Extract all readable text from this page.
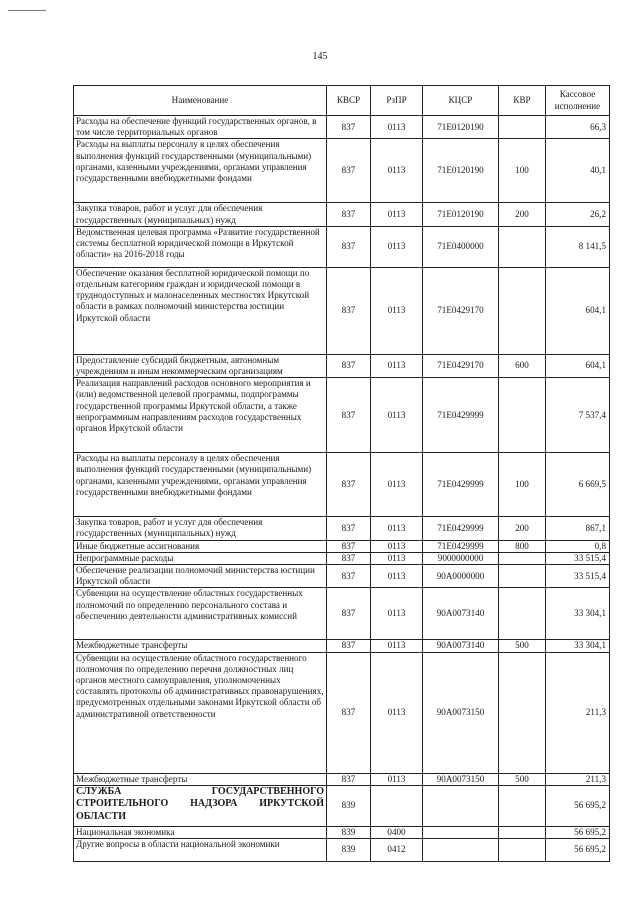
145
Наименование	КВСР	РзПР	КЦСР	КВР	Кассовое исполнение
Расходы на обеспечение функций государственных органов, в том числе территориальных органов	837	0113	71Е0120190		66,3
Расходы на выплаты персоналу в целях обеспечения выполнения функций государственными (муниципальными) органами, казенными учреждениями, органами управления государственными внебюджетными фондами	837	0113	71Е0120190	100	40,1
Закупка товаров, работ и услуг для обеспечения государственных (муниципальных) нужд	837	0113	71Е0120190	200	26,2
Ведомственная целевая программа «Развитие государственной системы бесплатной юридической помощи в Иркутской области» на 2016-2018 годы	837	0113	71Е0400000		8 141,5
Обеспечение оказания бесплатной юридической помощи по отдельным категориям граждан и юридической помощи в труднодоступных и малонаселенных местностях Иркутской области в рамках полномочий министерства юстиции Иркутской области	837	0113	71Е0429170		604,1
Предоставление субсидий бюджетным, автономным учреждениям и иным некоммерческим организациям	837	0113	71Е0429170	600	604,1
Реализация направлений расходов основного мероприятия и (или) ведомственной целевой программы, подпрограммы государственной программы Иркутской области, а также непрограммным направлениям расходов государственных органов Иркутской области	837	0113	71Е0429999		7 537,4
Расходы на выплаты персоналу в целях обеспечения выполнения функций государственными (муниципальными) органами, казенными учреждениями, органами управления государственными внебюджетными фондами	837	0113	71Е0429999	100	6 669,5
Закупка товаров, работ и услуг для обеспечения государственных (муниципальных) нужд	837	0113	71Е0429999	200	867,1
Иные бюджетные ассигнования	837	0113	71Е0429999	800	0,8
Непрограммные расходы	837	0113	9000000000		33 515,4
Обеспечение реализации полномочий министерства юстиции Иркутской области	837	0113	90А0000000		33 515,4
Субвенции на осуществление областных государственных полномочий по определению персонального состава и обеспечению деятельности административных комиссий	837	0113	90А0073140		33 304,1
Межбюджетные трансферты	837	0113	90А0073140	500	33 304,1
Субвенции на осуществление областного государственного полномочия по определению перечня должностных лиц органов местного самоуправления, уполномоченных составлять протоколы об административных правонарушениях, предусмотренных отдельными законами Иркутской области об административной ответственности	837	0113	90А0073150		211,3
Межбюджетные трансферты	837	0113	90А0073150	500	211,3
СЛУЖБА ГОСУДАРСТВЕННОГО СТРОИТЕЛЬНОГО НАДЗОРА ИРКУТСКОЙ ОБЛАСТИ	839				56 695,2
Национальная экономика	839	0400			56 695,2
Другие вопросы в области национальной экономики	839	0412			56 695,2
